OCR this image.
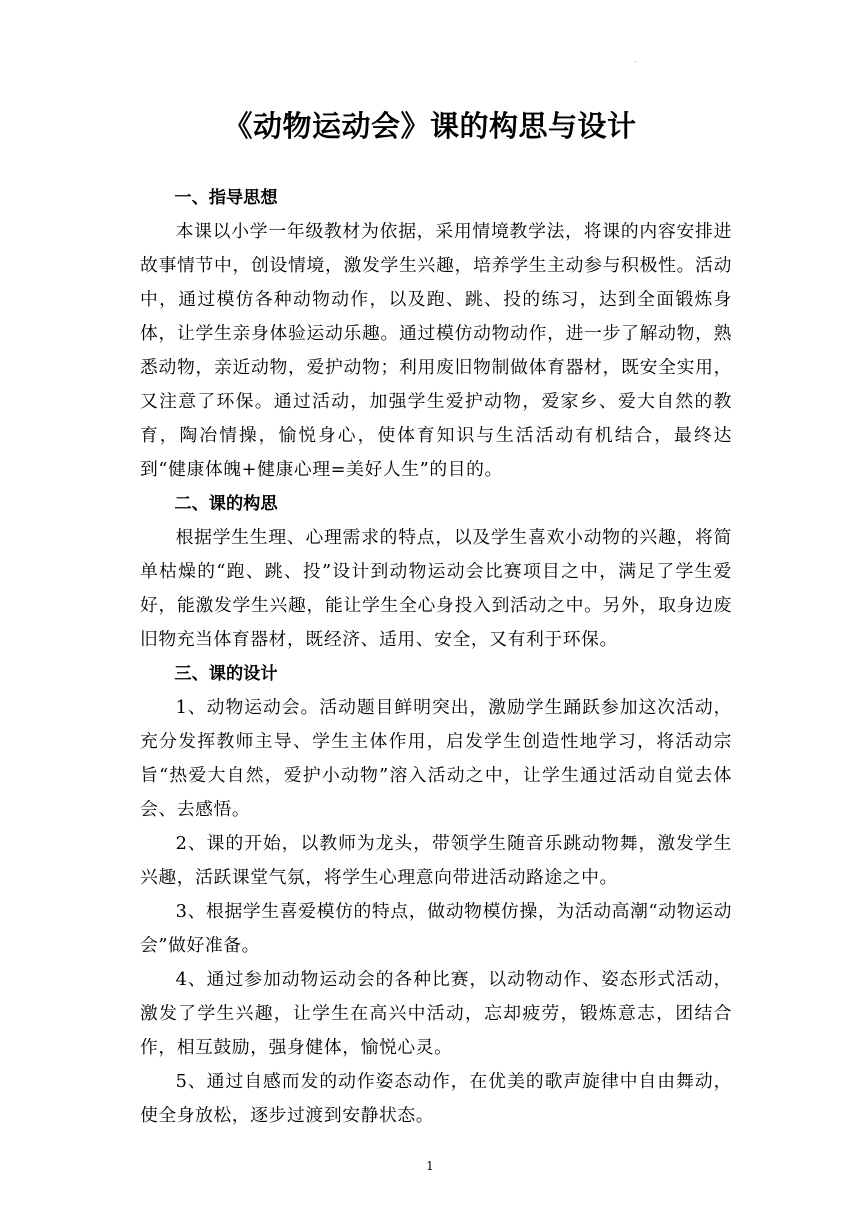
.
《动物运动会》课的构思与设计
一、指导思想

本课以小学一年级教材为依据，采用情境教学法，将课的内容安排进故事情节中，创设情境，激发学生兴趣，培养学生主动参与积极性。活动中，通过模仿各种动物动作，以及跑、跳、投的练习，达到全面锻炼身体，让学生亲身体验运动乐趣。通过模仿动物动作，进一步了解动物，熟悉动物，亲近动物，爱护动物；利用废旧物制做体育器材，既安全实用，又注意了环保。通过活动，加强学生爱护动物，爱家乡、爱大自然的教育，陶冶情操，愉悦身心，使体育知识与生活活动有机结合，最终达到“健康体魄+健康心理=美好人生”的目的。

二、课的构思

根据学生生理、心理需求的特点，以及学生喜欢小动物的兴趣，将简单枯燥的“跑、跳、投”设计到动物运动会比赛项目之中，满足了学生爱好，能激发学生兴趣，能让学生全心身投入到活动之中。另外，取身边废旧物充当体育器材，既经济、适用、安全，又有利于环保。

三、课的设计

1、动物运动会。活动题目鲜明突出，激励学生踊跃参加这次活动，充分发挥教师主导、学生主体作用，启发学生创造性地学习，将活动宗旨“热爱大自然，爱护小动物”溶入活动之中，让学生通过活动自觉去体会、去感悟。

2、课的开始，以教师为龙头，带领学生随音乐跳动物舞，激发学生兴趣，活跃课堂气氛，将学生心理意向带进活动路途之中。

3、根据学生喜爱模仿的特点，做动物模仿操，为活动高潮“动物运动会”做好准备。

4、通过参加动物运动会的各种比赛，以动物动作、姿态形式活动，激发了学生兴趣，让学生在高兴中活动，忘却疲劳，锻炼意志，团结合作，相互鼓励，强身健体，愉悦心灵。

5、通过自感而发的动作姿态动作，在优美的歌声旋律中自由舞动，使全身放松，逐步过渡到安静状态。

1
